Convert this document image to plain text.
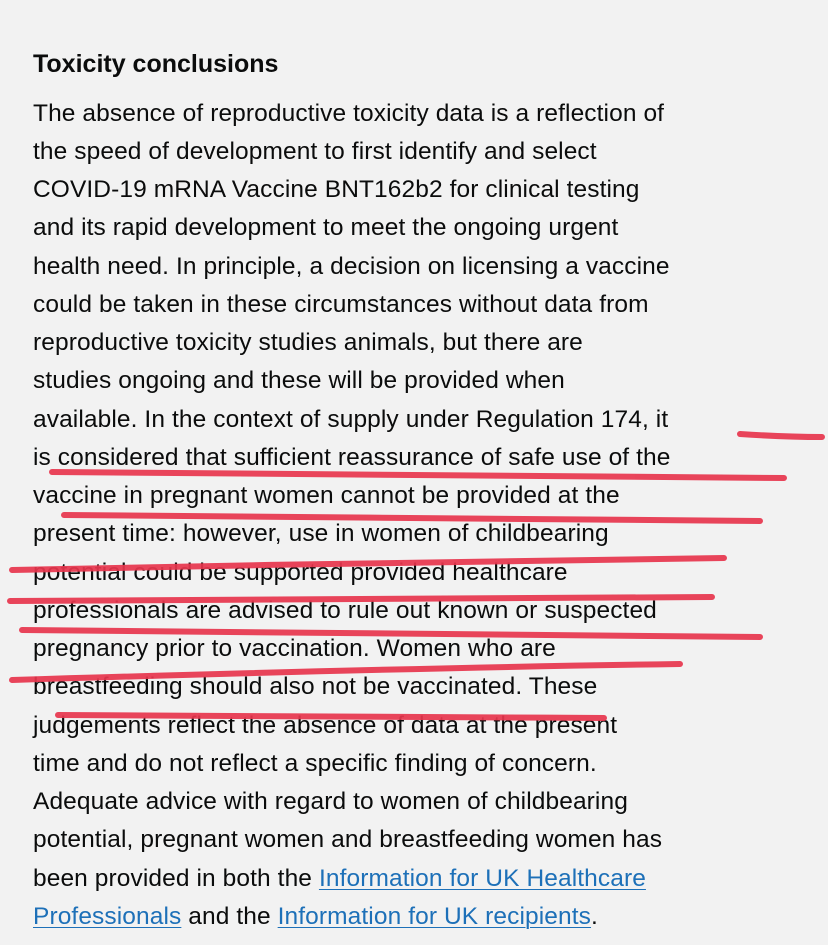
Toxicity conclusions
The absence of reproductive toxicity data is a reflection of
the speed of development to first identify and select
COVID-19 mRNA Vaccine BNT162b2 for clinical testing
and its rapid development to meet the ongoing urgent
health need. In principle, a decision on licensing a vaccine
could be taken in these circumstances without data from
reproductive toxicity studies animals, but there are
studies ongoing and these will be provided when
available. In the context of supply under Regulation 174, it
is considered that sufficient reassurance of safe use of the
vaccine in pregnant women cannot be provided at the
present time: however, use in women of childbearing
potential could be supported provided healthcare
professionals are advised to rule out known or suspected
pregnancy prior to vaccination. Women who are
breastfeeding should also not be vaccinated. These
judgements reflect the absence of data at the present
time and do not reflect a specific finding of concern.
Adequate advice with regard to women of childbearing
potential, pregnant women and breastfeeding women has
been provided in both the Information for UK Healthcare
Professionals and the Information for UK recipients.
